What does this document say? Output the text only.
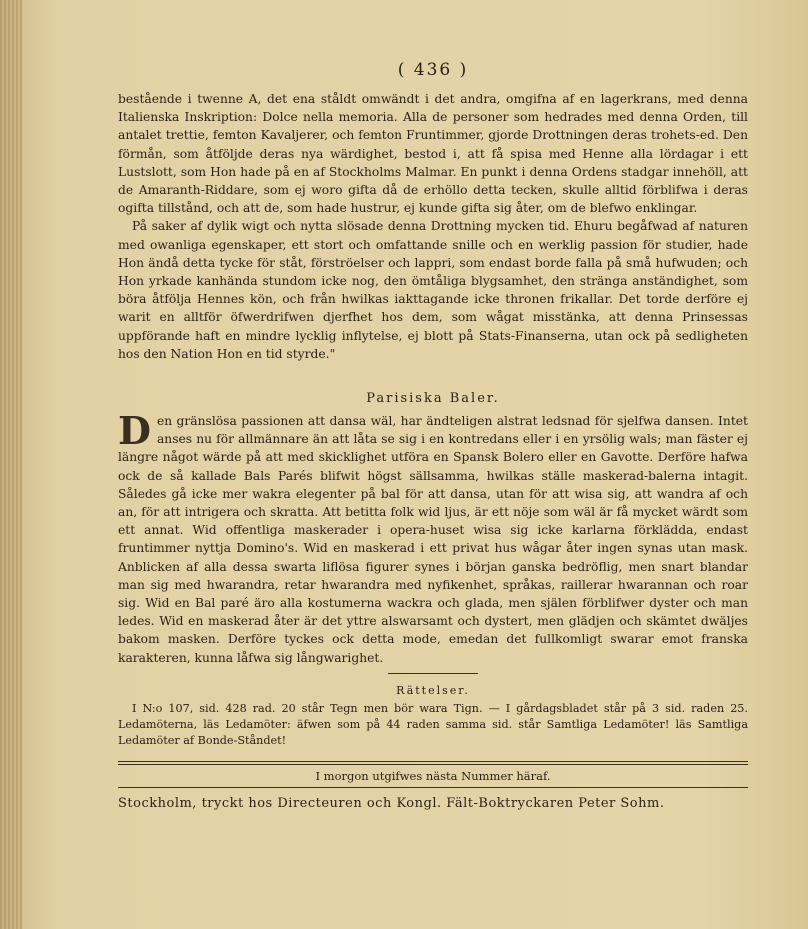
( 436 )

bestående i twenne A, det ena ståldt omwändt i det andra, omgifna af en lagerkrans, med denna Italienska Inskription: Dolce nella memoria. Alla de personer som hedrades med denna Orden, till antalet trettie, femton Kavaljerer, och femton Fruntimmer, gjorde Drottningen deras trohets-ed. Den förmån, som åtföljde deras nya wärdighet, bestod i, att få spisa med Henne alla lördagar i ett Lustslott, som Hon hade på en af Stockholms Malmar. En punkt i denna Ordens stadgar innehöll, att de Amaranth-Riddare, som ej woro gifta då de erhöllo detta tecken, skulle alltid förblifwa i deras ogifta tillstånd, och att de, som hade hustrur, ej kunde gifta sig åter, om de blefwo enklingar.

På saker af dylik wigt och nytta slösade denna Drottning mycken tid. Ehuru begåfwad af naturen med owanliga egenskaper, ett stort och omfattande snille och en werklig passion för studier, hade Hon ändå detta tycke för ståt, förströelser och lappri, som endast borde falla på små hufwuden; och Hon yrkade kanhända stundom icke nog, den ömtåliga blygsamhet, den stränga anständighet, som böra åtfölja Hennes kön, och från hwilkas iakttagande icke thronen frikallar. Det torde derföre ej warit en alltför öfwerdrifwen djerfhet hos dem, som wågat misstänka, att denna Prinsessas uppförande haft en mindre lycklig inflytelse, ej blott på Stats-Finanserna, utan ock på sedligheten hos den Nation Hon en tid styrde."

Parisiska Baler.

Den gränslösa passionen att dansa wäl, har ändteligen alstrat ledsnad för sjelfwa dansen. Intet anses nu för allmännare än att låta se sig i en kontredans eller i en yrsölig wals; man fäster ej längre något wärde på att med skicklighet utföra en Spansk Bolero eller en Gavotte. Derföre hafwa ock de så kallade Bals Parés blifwit högst sällsamma, hwilkas ställe maskerad-balerna intagit. Således gå icke mer wakra elegenter på bal för att dansa, utan för att wisa sig, att wandra af och an, för att intrigera och skratta. Att betitta folk wid ljus, är ett nöje som wäl är få mycket wärdt som ett annat. Wid offentliga maskerader i opera-huset wisa sig icke karlarna förklädda, endast fruntimmer nyttja Domino's. Wid en maskerad i ett privat hus wågar åter ingen synas utan mask. Anblicken af alla dessa swarta liflösa figurer synes i början ganska bedröflig, men snart blandar man sig med hwarandra, retar hwarandra med nyfikenhet, språkas, raillerar hwarannan och roar sig. Wid en Bal paré äro alla kostumerna wackra och glada, men själen förblifwer dyster och man ledes. Wid en maskerad åter är det yttre alswarsamt och dystert, men glädjen och skämtet dwäljes bakom masken. Derföre tyckes ock detta mode, emedan det fullkomligt swarar emot franska karakteren, kunna låfwa sig långwarighet.

Rättelser.

I N:o 107, sid. 428 rad. 20 står Tegn men bör wara Tign. — I gårdagsbladet står på 3 sid. raden 25. Ledamöterna, läs Ledamöter: äfwen som på 44 raden samma sid. står Samtliga Ledamöter! läs Samtliga Ledamöter af Bonde-Ståndet!

I morgon utgifwes nästa Nummer häraf.
Stockholm, tryckt hos Directeuren och Kongl. Fält-Boktryckaren Peter Sohm.
